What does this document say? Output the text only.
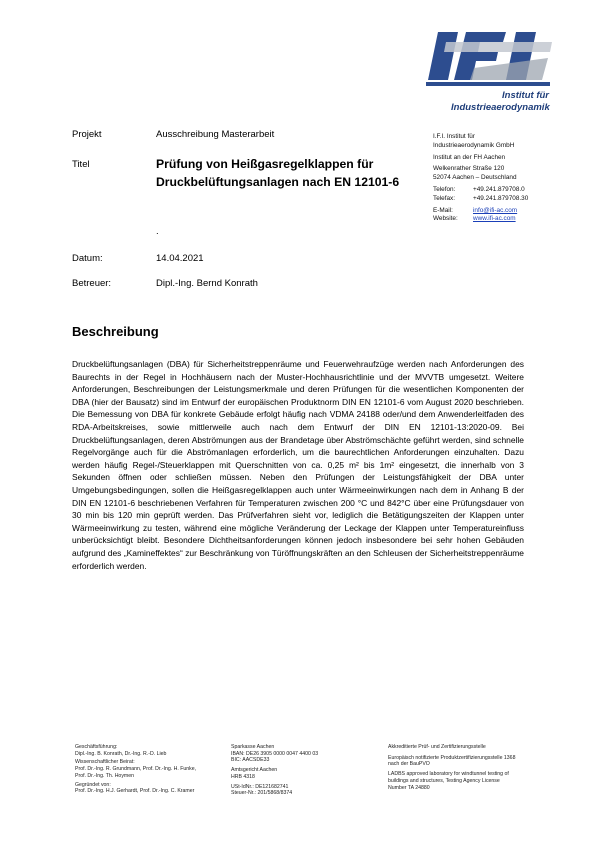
Institut für
Industrieaerodynamik
Projekt	Ausschreibung Masterarbeit
Titel	Prüfung von Heißgasregelklappen für
Druckbelüftungsanlagen nach EN 12101-6
.
Datum:	14.04.2021
Betreuer:	Dipl.-Ing. Bernd Konrath
I.F.I. Institut für
Industrieaerodynamik GmbH
Institut an der FH Aachen
Welkenrather Straße 120
52074 Aachen – Deutschland
Telefon:	+49.241.879708.0
Telefax:	+49.241.879708.30
E-Mail:	info@ifi-ac.com
Website:	www.ifi-ac.com
Beschreibung
Druckbelüftungsanlagen (DBA) für Sicherheitstreppenräume und Feuerwehraufzüge werden nach Anforderungen des Baurechts in der Regel in Hochhäusern nach der Muster-Hochhausrichtlinie und der MVVTB umgesetzt. Weitere Anforderungen, Beschreibungen der Leistungsmerkmale und deren Prüfungen für die wesentlichen Komponenten der DBA (hier der Bausatz) sind im Entwurf der europäischen Produktnorm DIN EN 12101-6 vom August 2020 beschrieben. Die Bemessung von DBA für konkrete Gebäude erfolgt häufig nach VDMA 24188 oder/und dem Anwenderleitfaden des RDA-Arbeitskreises, sowie mittlerweile auch nach dem Entwurf der DIN EN 12101-13:2020-09. Bei Druckbelüftungsanlagen, deren Abströmungen aus der Brandetage über Abströmschächte geführt werden, sind schnelle Regelvorgänge auch für die Abströmanlagen erforderlich, um die baurechtlichen Anforderungen einzuhalten. Dazu werden häufig Regel-/Steuerklappen mit Querschnitten von ca. 0,25 m² bis 1m² eingesetzt, die innerhalb von 3 Sekunden öffnen oder schließen müssen. Neben den Prüfungen der Leistungsfähigkeit der DBA unter Umgebungsbedingungen, sollen die Heißgasregelklappen auch unter Wärmeeinwirkungen nach dem in Anhang B der DIN EN 12101-6 beschriebenen Verfahren für Temperaturen zwischen 200 °C und 842°C über eine Prüfungsdauer von 30 min bis 120 min geprüft werden. Das Prüfverfahren sieht vor, lediglich die Betätigungszeiten der Klappen unter Wärmeeinwirkung zu testen, während eine mögliche Veränderung der Leckage der Klappen unter Temperatureinfluss unberücksichtigt bleibt. Besondere Dichtheitsanforderungen können jedoch insbesondere bei sehr hohen Gebäuden aufgrund des „Kamineffektes“ zur Beschränkung von Türöffnungskräften an den Schleusen der Sicherheitstreppenräume erforderlich werden.
Geschäftsführung:
Dipl.-Ing. B. Konrath, Dr.-Ing. R.-D. Lieb
Wissenschaftlicher Beirat:
Prof. Dr.-Ing. R. Grundmann, Prof. Dr.-Ing. H. Funke,
Prof. Dr.-Ing. Th. Hoymen
Gegründet von:
Prof. Dr.-Ing. H.J. Gerhardt, Prof. Dr.-Ing. C. Kramer
Sparkasse Aachen
IBAN: DE26 3905 0000 0047 4400 03
BIC: AACSDE33
Amtsgericht Aachen
HRB 4318
USt-IdNr.: DE121682741
Steuer-Nr.: 201/5868/8374
Akkreditierte Prüf- und Zertifizierungsstelle
Europäisch notifizierte Produktzertifizierungsstelle 1368
nach der BauPVO
LADBS approved laboratory for windtunnel testing of
buildings and structures, Testing Agency License
Number TA 24880
